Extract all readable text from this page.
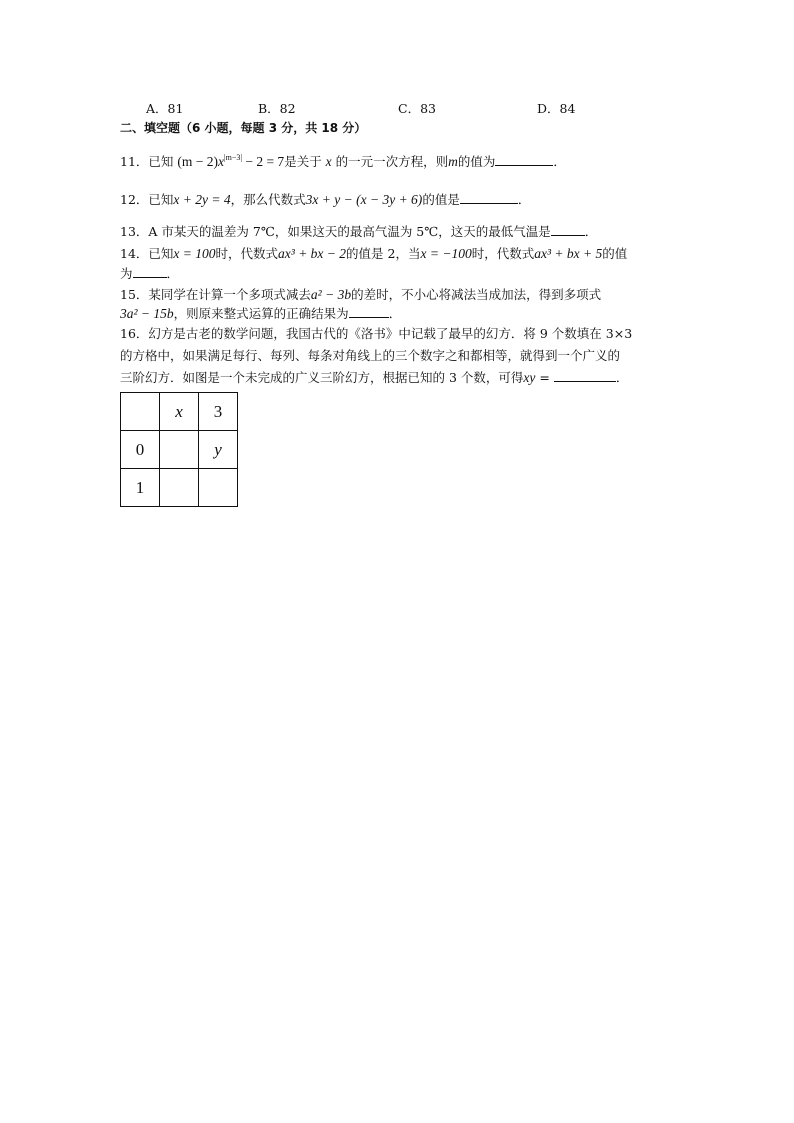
A．81	B．82	C．83	D．84
二、填空题（6 小题，每题 3 分，共 18 分）
11．已知 $(m - 2)x^{|m-3|} - 2 = 7$是关于 x 的一元一次方程，则m的值为	．
12．已知x + 2y = 4，那么代数式3x + y − (x − 3y + 6)的值是	．
13．A 市某天的温差为 7℃，如果这天的最高气温为 5℃，这天的最低气温是	．
14．已知x = 100时，代数式ax³ + bx − 2的值是 2，当x = −100时，代数式ax³ + bx + 5的值
为	．
15．某同学在计算一个多项式减去a² − 3b的差时，不小心将减法当成加法，得到多项式
3a² − 15b，则原来整式运算的正确结果为	．
16．幻方是古老的数学问题，我国古代的《洛书》中记载了最早的幻方．将 9 个数填在 3×3
的方格中，如果满足每行、每列、每条对角线上的三个数字之和都相等，就得到一个广义的
三阶幻方．如图是一个未完成的广义三阶幻方，根据已知的 3 个数，可得xy =	．
	x	3
0		y
1		
